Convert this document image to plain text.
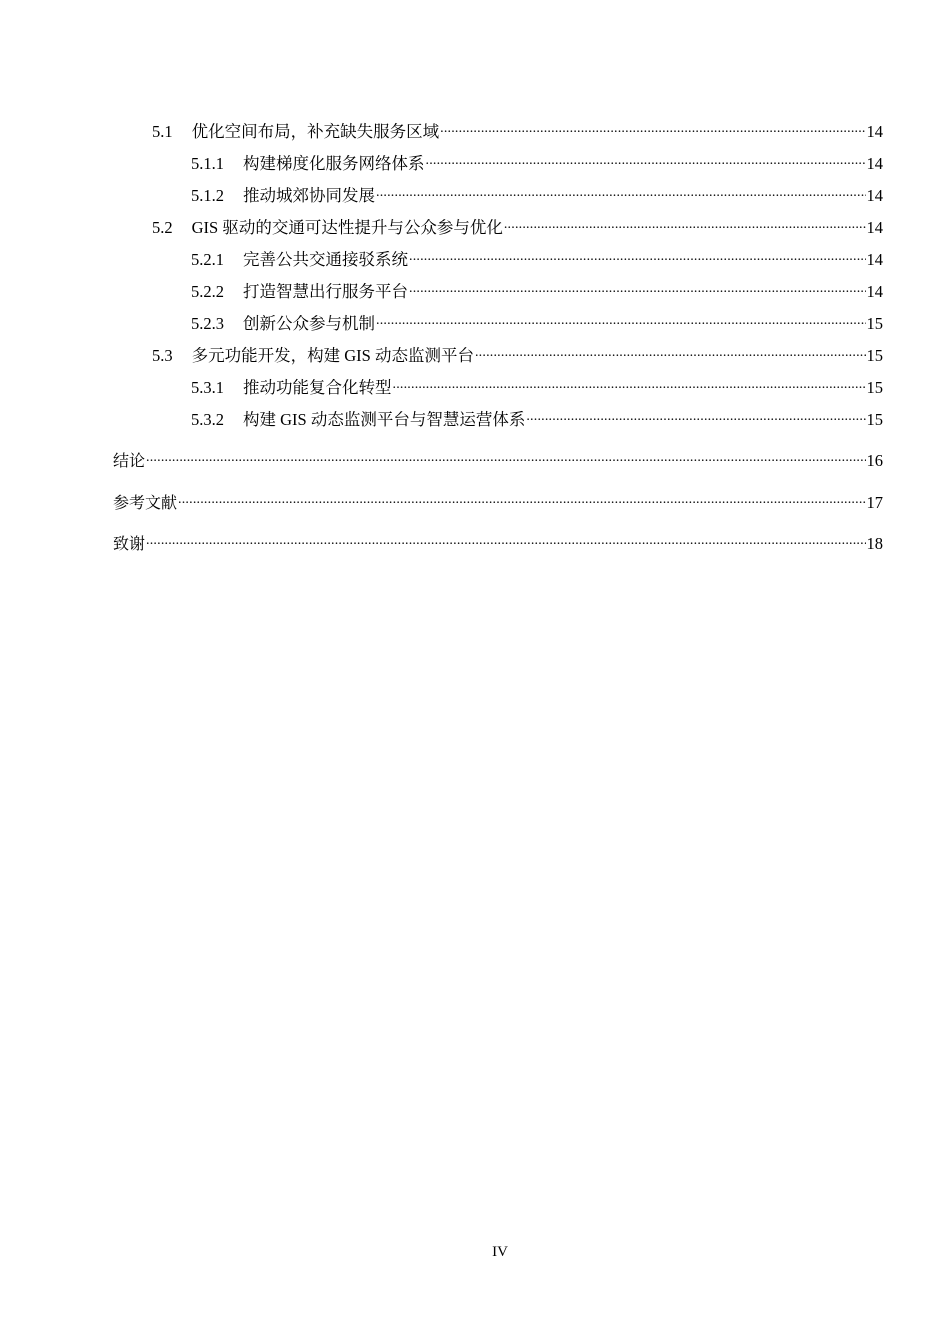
5.1 优化空间布局，补充缺失服务区域 .....	14
5.1.1 构建梯度化服务网络体系 .....	14
5.1.2 推动城郊协同发展 .....	14
5.2 GIS 驱动的交通可达性提升与公众参与优化 .....	14
5.2.1 完善公共交通接驳系统 .....	14
5.2.2 打造智慧出行服务平台 .....	14
5.2.3 创新公众参与机制 .....	15
5.3 多元功能开发，构建 GIS 动态监测平台 .....	15
5.3.1 推动功能复合化转型 .....	15
5.3.2 构建 GIS 动态监测平台与智慧运营体系 .....	15
结论 .....	16
参考文献 .....	17
致谢 .....	18
IV
